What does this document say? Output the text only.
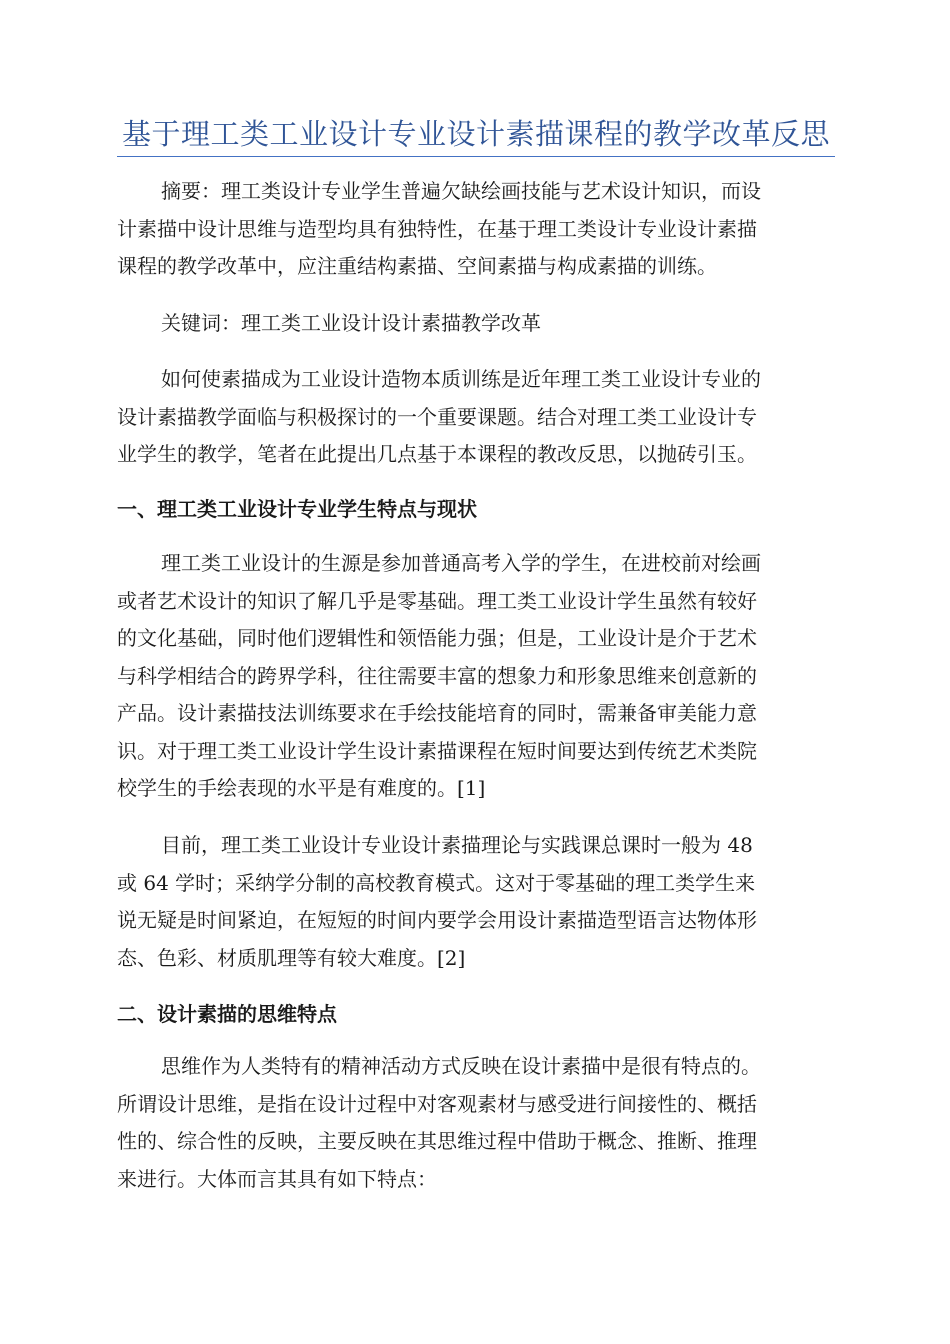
基于理工类工业设计专业设计素描课程的教学改革反思

摘要：理工类设计专业学生普遍欠缺绘画技能与艺术设计知识，而设
计素描中设计思维与造型均具有独特性，在基于理工类设计专业设计素描
课程的教学改革中，应注重结构素描、空间素描与构成素描的训练。

关键词：理工类工业设计设计素描教学改革

如何使素描成为工业设计造物本质训练是近年理工类工业设计专业的
设计素描教学面临与积极探讨的一个重要课题。结合对理工类工业设计专
业学生的教学，笔者在此提出几点基于本课程的教改反思，以抛砖引玉。

一、理工类工业设计专业学生特点与现状

理工类工业设计的生源是参加普通高考入学的学生，在进校前对绘画
或者艺术设计的知识了解几乎是零基础。理工类工业设计学生虽然有较好
的文化基础，同时他们逻辑性和领悟能力强；但是，工业设计是介于艺术
与科学相结合的跨界学科，往往需要丰富的想象力和形象思维来创意新的
产品。设计素描技法训练要求在手绘技能培育的同时，需兼备审美能力意
识。对于理工类工业设计学生设计素描课程在短时间要达到传统艺术类院
校学生的手绘表现的水平是有难度的。[1]

目前，理工类工业设计专业设计素描理论与实践课总课时一般为 48
或 64 学时；采纳学分制的高校教育模式。这对于零基础的理工类学生来
说无疑是时间紧迫，在短短的时间内要学会用设计素描造型语言达物体形
态、色彩、材质肌理等有较大难度。[2]

二、设计素描的思维特点

思维作为人类特有的精神活动方式反映在设计素描中是很有特点的。
所谓设计思维，是指在设计过程中对客观素材与感受进行间接性的、概括
性的、综合性的反映，主要反映在其思维过程中借助于概念、推断、推理
来进行。大体而言其具有如下特点：
